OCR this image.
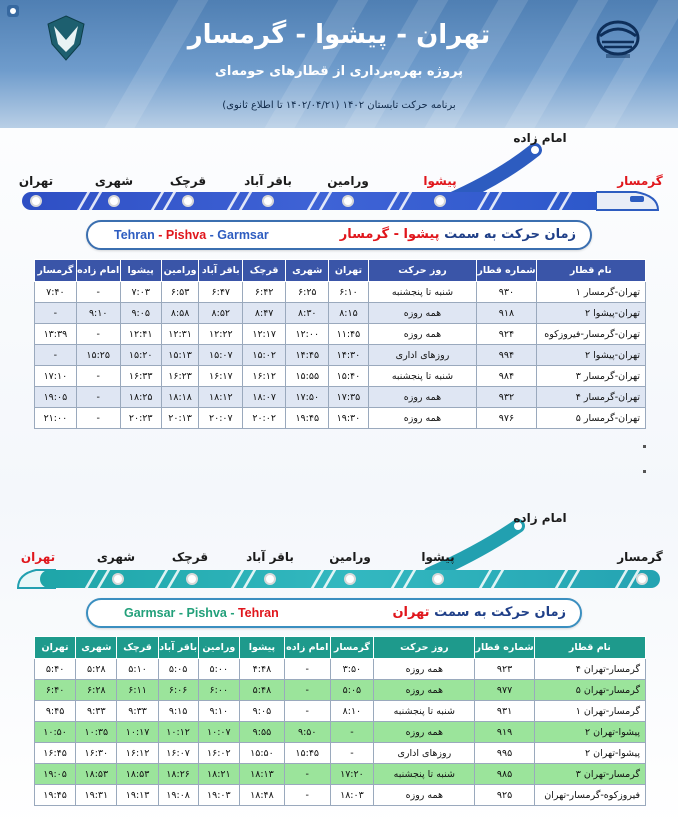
تهران - پیشوا - گرمسار
پروژه بهره‌برداری از قطارهای حومه‌ای
برنامه حرکت تابستان ۱۴۰۲ (۱۴۰۲/۰۴/۲۱ تا اطلاع ثانوی)
امام زاده
تهران	شهری	قرچک	باقر آباد	ورامین	پیشوا	گرمسار
زمان حرکت به سمت پیشوا - گرمسار
Tehran - Pishva - Garmsar
نام قطار	شماره قطار	روز حرکت	تهران	شهری	قرچک	باقر آباد	ورامین	پیشوا	امام زاده	گرمسار
تهران-گرمسار ۱	۹۳۰	شنبه تا پنجشنبه	۶:۱۰	۶:۲۵	۶:۴۲	۶:۴۷	۶:۵۳	۷:۰۳	-	۷:۴۰
تهران-پیشوا ۲	۹۱۸	همه روزه	۸:۱۵	۸:۳۰	۸:۴۷	۸:۵۲	۸:۵۸	۹:۰۵	۹:۱۰	-
تهران-گرمسار-فیروزکوه	۹۲۴	همه روزه	۱۱:۴۵	۱۲:۰۰	۱۲:۱۷	۱۲:۲۲	۱۲:۳۱	۱۲:۴۱	-	۱۳:۳۹
تهران-پیشوا ۲	۹۹۴	روزهای اداری	۱۴:۳۰	۱۴:۴۵	۱۵:۰۲	۱۵:۰۷	۱۵:۱۳	۱۵:۲۰	۱۵:۲۵	-
تهران-گرمسار ۳	۹۸۴	شنبه تا پنجشنبه	۱۵:۴۰	۱۵:۵۵	۱۶:۱۲	۱۶:۱۷	۱۶:۲۳	۱۶:۳۳	-	۱۷:۱۰
تهران-گرمسار ۴	۹۳۲	همه روزه	۱۷:۳۵	۱۷:۵۰	۱۸:۰۷	۱۸:۱۲	۱۸:۱۸	۱۸:۲۵	-	۱۹:۰۵
تهران-گرمسار ۵	۹۷۶	همه روزه	۱۹:۳۰	۱۹:۴۵	۲۰:۰۲	۲۰:۰۷	۲۰:۱۳	۲۰:۲۳	-	۲۱:۰۰
امام زاده
تهران	شهری	قرچک	باقر آباد	ورامین	پیشوا	گرمسار
زمان حرکت به سمت تهران
Garmsar - Pishva - Tehran
نام قطار	شماره قطار	روز حرکت	گرمسار	امام زاده	پیشوا	ورامین	باقر آباد	قرچک	شهری	تهران
گرمسار-تهران ۴	۹۲۳	همه روزه	۳:۵۰	-	۴:۴۸	۵:۰۰	۵:۰۵	۵:۱۰	۵:۲۸	۵:۴۰
گرمسار-تهران ۵	۹۷۷	همه روزه	۵:۰۵	-	۵:۴۸	۶:۰۰	۶:۰۶	۶:۱۱	۶:۲۸	۶:۴۰
گرمسار-تهران ۱	۹۳۱	شنبه تا پنجشنبه	۸:۱۰	-	۹:۰۵	۹:۱۰	۹:۱۵	۹:۳۳	۹:۳۳	۹:۴۵
پیشوا-تهران ۲	۹۱۹	همه روزه	-	۹:۵۰	۹:۵۵	۱۰:۰۷	۱۰:۱۲	۱۰:۱۷	۱۰:۳۵	۱۰:۵۰
پیشوا-تهران ۲	۹۹۵	روزهای اداری	-	۱۵:۴۵	۱۵:۵۰	۱۶:۰۲	۱۶:۰۷	۱۶:۱۲	۱۶:۳۰	۱۶:۴۵
گرمسار-تهران ۳	۹۸۵	شنبه تا پنجشنبه	۱۷:۲۰	-	۱۸:۱۳	۱۸:۲۱	۱۸:۲۶	۱۸:۵۳	۱۸:۵۳	۱۹:۰۵
فیروزکوه-گرمسار-تهران	۹۲۵	همه روزه	۱۸:۰۳	-	۱۸:۴۸	۱۹:۰۳	۱۹:۰۸	۱۹:۱۳	۱۹:۳۱	۱۹:۴۵
